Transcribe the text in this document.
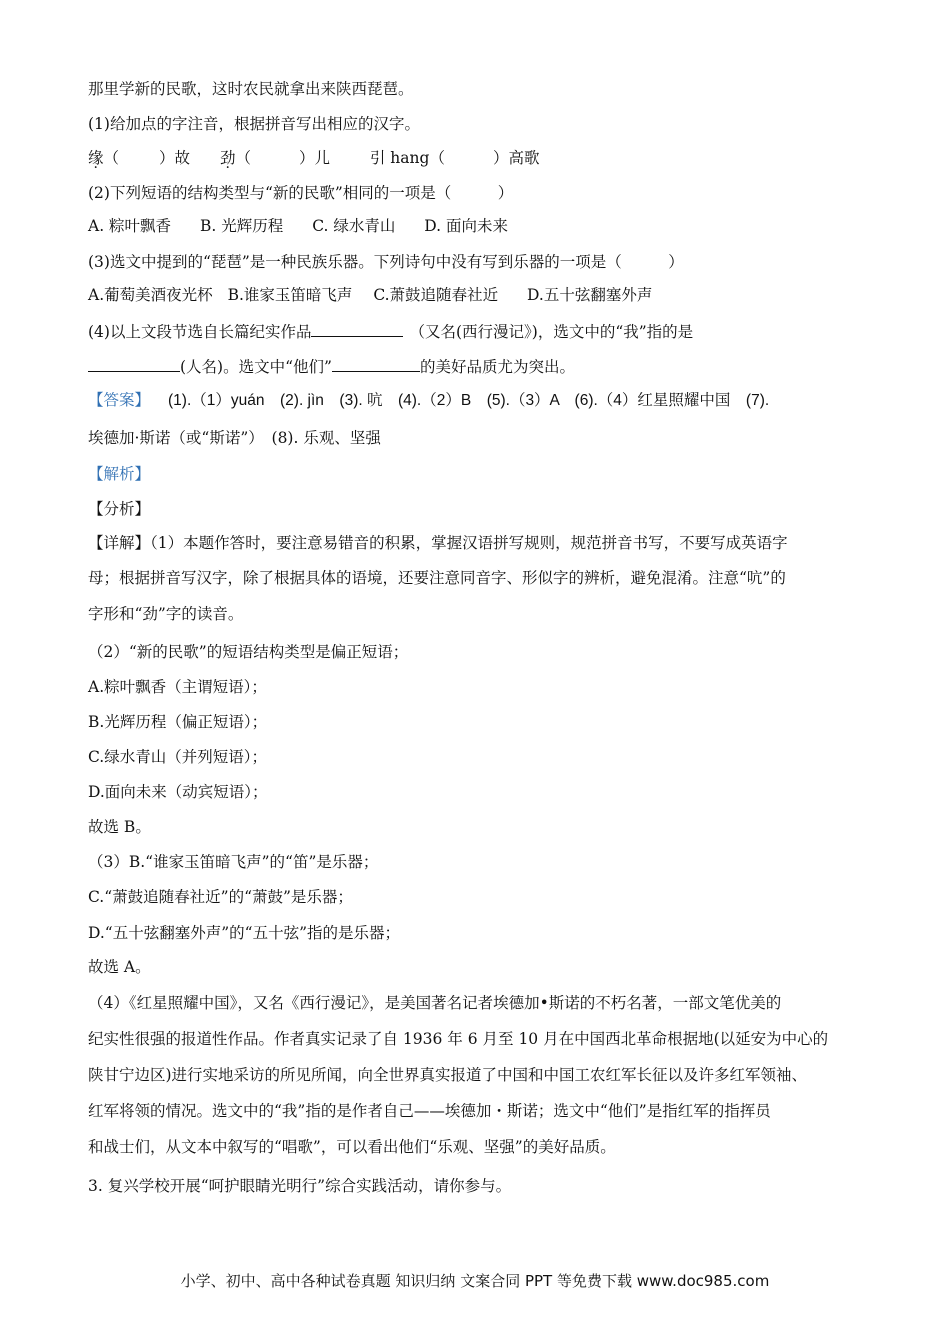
那里学新的民歌，这时农民就拿出来陕西琵琶。
(1)给加点的字注音，根据拼音写出相应的汉字。
缘（	）故 劲（	）儿	引 hang（	）高歌
(2)下列短语的结构类型与“新的民歌”相同的一项是（　　　）
A. 粽叶飘香 B. 光辉历程 C. 绿水青山 D. 面向未来
(3)选文中提到的“琵琶”是一种民族乐器。下列诗句中没有写到乐器的一项是（　　　）
A.葡萄美酒夜光杯 B.谁家玉笛暗飞声 C.萧鼓追随春社近 D.五十弦翻塞外声
(4)以上文段节选自长篇纪实作品	（又名(西行漫记》)，选文中的“我”指的是
(人名)。选文中“他们”	的美好品质尤为突出。
【答案】 (1).（1）yuán　(2). jìn　(3). 吭　(4).（2）B　(5).（3）A　(6).（4）红星照耀中国　(7).
埃德加·斯诺（或“斯诺”）　(8). 乐观、坚强
【解析】
【分析】
【详解】（1）本题作答时，要注意易错音的积累，掌握汉语拼写规则，规范拼音书写，不要写成英语字
母；根据拼音写汉字，除了根据具体的语境，还要注意同音字、形似字的辨析，避免混淆。注意“吭”的
字形和“劲”字的读音。
（2）“新的民歌”的短语结构类型是偏正短语；
A.粽叶飘香（主谓短语）；
B.光辉历程（偏正短语）；
C.绿水青山（并列短语）；
D.面向未来（动宾短语）；
故选 B。
（3）B.“谁家玉笛暗飞声”的“笛”是乐器；
C.“萧鼓追随春社近”的“萧鼓”是乐器；
D.“五十弦翻塞外声”的“五十弦”指的是乐器；
故选 A。
（4）《红星照耀中国》，又名《西行漫记》，是美国著名记者埃德加•斯诺的不朽名著，一部文笔优美的
纪实性很强的报道性作品。作者真实记录了自 1936 年 6 月至 10 月在中国西北革命根据地(以延安为中心的
陕甘宁边区)进行实地采访的所见所闻，向全世界真实报道了中国和中国工农红军长征以及许多红军领袖、
红军将领的情况。选文中的“我”指的是作者自己——埃德加・斯诺；选文中“他们”是指红军的指挥员
和战士们，从文本中叙写的“唱歌”，可以看出他们“乐观、坚强”的美好品质。
3. 复兴学校开展“呵护眼睛光明行”综合实践活动，请你参与。
小学、初中、高中各种试卷真题 知识归纳 文案合同 PPT 等免费下载 www.doc985.com
